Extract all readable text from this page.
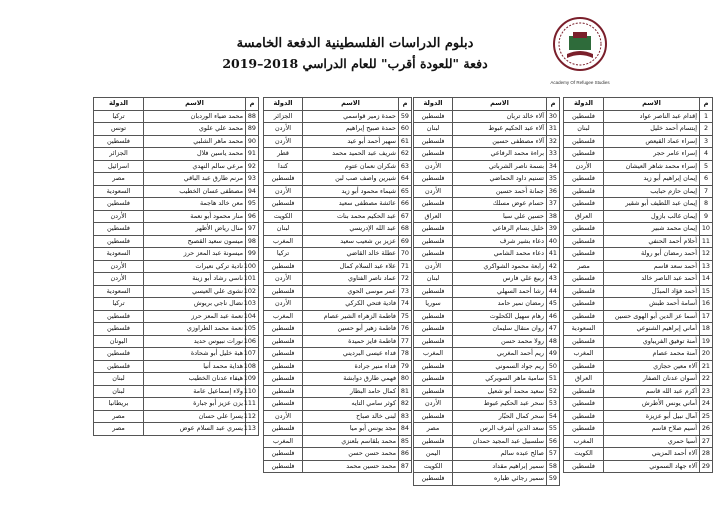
Academy Of Refugee Studies
دبلوم الدراسات الفلسطينية الدفعة الخامسة
دفعة "للعودة أقرب" للعام الدراسي 2018–2019
م	الاسم	الدولة
1	إقدام عبد الناصر عواد	فلسطين
2	إبتسام أحمد خليل	لبنان
3	إسراء عماد القيعص	فلسطين
4	إسراء عامر حجر	فلسطين
5	إسراء محمد شاهر العيشان	الأردن
6	إيمان إبراهيم أبو زيد	فلسطين
7	إيمان حازم حبايب	فلسطين
8	إيمان عبد اللطيف أبو شقير	فلسطين
9	إيمان غالب بازول	العراق
10	إيمان محمد شبير	فلسطين
11	أحلام أحمد الحنفي	فلسطين
12	أحمد رمضان أبو رولة	فلسطين
13	أحمد سعد قاسم	مصر
14	أحمد عبد الناصر خالد	فلسطين
15	أحمد فؤاد المبدّل	فلسطين
16	أسامة أحمد طبش	فلسطين
17	أسما عز الدين أبو الهوى حسين	فلسطين
18	أماني إبراهيم الشنوعي	السعودية
19	أمنة توفيق الفريباوي	فلسطين
20	آمنة محمد عصام	المغرب
21	آلاء معين حجازي	فلسطين
22	أسوان عدنان الصفار	العراق
23	أكرم عبد الله قاسم	فلسطين
24	أماني يونس الأطرش	فلسطين
25	آمال نبيل أبو عزيزة	فلسطين
26	أسيم صلاح قاسم	فلسطين
27	أسيا حمري	المغرب
28	آلاء أحمد المزيني	الكويت
29	آلاء جهاد السموني	فلسطين
م	الاسم	الدولة
30	آلاء خالد تربان	فلسطين
31	آلاء عبد الحكيم غبوط	لبنان
32	آلاء مصطفى حسين	فلسطين
33	براءة محمد الرفاعي	فلسطين
34	بسمة ناصر الشرباتي	الأردن
35	تسنيم داود الحماضي	فلسطين
36	جمانة أحمد حسين	الأردن
37	حسام عوض مسلك	فلسطين
38	حسين علي سبا	العراق
39	خليل بسام الرفاعي	فلسطين
40	دعاء بشير شرف	فلسطين
41	دعاء محمد الشامي	فلسطين
42	رابعة محمود الشواكري	الأردن
43	ربيع علي فارس	لبنان
44	رشا أحمد السهلي	فلسطين
45	رمضان نمير حامد	سوريا
46	رهام سهيل الكحلوت	فلسطين
47	روان منقال سليمان	فلسطين
48	رولا محمد حسن	فلسطين
49	ريم أحمد المغربي	المغرب
50	ريم جواد السموني	فلسطين
51	سامية ماهر السويركي	فلسطين
52	سعيد محمد أبو شعيل	فلسطين
53	سحر عبد الحكيم غبوط	الأردن
54	سحر كمال الحبّار	فلسطين
55	سعد الدين أشرف الرس	مصر
56	سلسبيل عبد المجيد حمدان	فلسطين
57	صالح عبده سالم	اليمن
58	سمير إبراهيم مقداد	الكويت
59	سمير رجائي ظباره	فلسطين
م	الاسم	الدولة
59	حمدة زمير قواسمي	الجزائر
60	حمدة صبيح إبراهيم	الأردن
61	سهير أحمد أبو عيد	الأردن
62	شريف عبد الحميد محمد	قطر
63	شكران نعمان عتوم	كندا
64	شيرين واصف صب لبن	فلسطين
65	شيماء محمود أبو زيد	الأردن
66	عائشة مصطفى سعيد	فلسطين
67	عبد الحكيم محمد بنات	الكويت
68	عبد الله الإدريسي	لبنان
69	عزيز بن شعيب سعيد	المغرب
70	عطلة خالد القاضي	تركيا
71	علاء عبد السلام كمال	فلسطين
72	عماد ناصر الفتاوي	الأردن
73	عمر موسى الحوي	فلسطين
74	فادية فتحي الكركي	الأردن
75	فاطمة الزهراء الشير عصام	المغرب
76	فاطمة زهير أبو حسين	فلسطين
77	فاطمة فايز حميدة	فلسطين
78	فداء عيسى البرديني	فلسطين
79	فداء منير جرادة	فلسطين
80	فهمي طارق دوابشة	فلسطين
81	كمال حامد البطار	فلسطين
82	كوثر سامي التايه	فلسطين
83	لبنى خالد صباح	الأردن
84	مجد يونس أبو ميا	فلسطين
85	محمد بلقاسم بلعنزي	المغرب
86	محمد حسن حسن	فلسطين
87	محمد حسين محمد	فلسطين
م	الاسم	الدولة
88	محمد ضياء الوردبان	تركيا
89	محمد علي علوي	تونس
90	محمد ماهر الشلبي	فلسطين
91	محمد ياسين فلال	الجزائر
92	مرعي سالم النهدي	اسرائيل
93	مرنم طارق عبد الباقي	مصر
94	مصطفى غسان الخطيب	السعودية
95	معن خالد هاجمة	فلسطين
96	منار محمود أبو نعمة	الأردن
97	منال رياض الأظهر	فلسطين
98	ميسون سعيد القصبح	فلسطين
99	ميسونة عبد المعز حرز	السعودية
100	نادية تركي نعيرات	الأردن
101	ناسي رشاد أبو زينة	الأردن
102	نشوى علي العيسي	السعودية
103	نضال ناجي بريوش	تركيا
104	نعمة عبد المعز حرز	فلسطين
105	نعمة محمد الطراوزي	فلسطين
106	نورات نبيوس حديد	اليونان
107	هبة خليل أبو شحادة	فلسطين
108	هداية محمد أنيا	فلسطين
109	هيفاء عدنان الخطيب	لبنان
110	ولاء إسماعيل عامة	لبنان
111	يزن عزيز أبو جبارة	بريطانيا
112	يسرا علي حسان	مصر
113	يسري عبد السلام عوض	مصر
